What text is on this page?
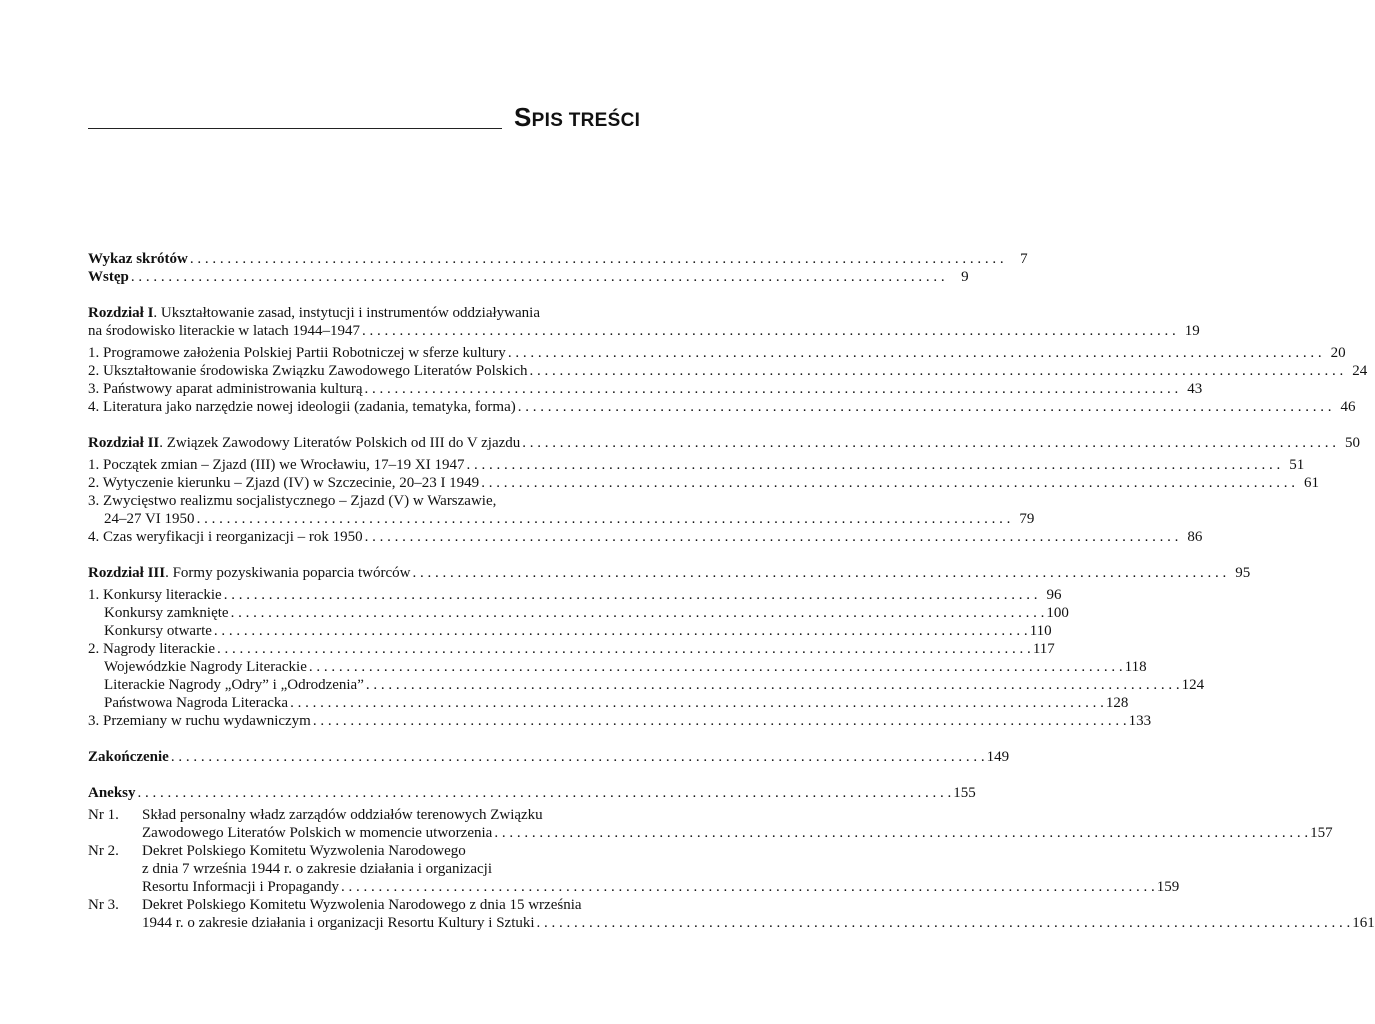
SPIS TREŚCI
Wykaz skrótów . . .	7
Wstęp . . .	9
Rozdział I. Ukształtowanie zasad, instytucji i instrumentów oddziaływania
na środowisko literackie w latach 1944–1947 . . .	19
1. Programowe założenia Polskiej Partii Robotniczej w sferze kultury . . .	20
2. Ukształtowanie środowiska Związku Zawodowego Literatów Polskich . . .	24
3. Państwowy aparat administrowania kulturą . . .	43
4. Literatura jako narzędzie nowej ideologii (zadania, tematyka, forma) . . .	46
Rozdział II. Związek Zawodowy Literatów Polskich od III do V zjazdu . . .	50
1. Początek zmian – Zjazd (III) we Wrocławiu, 17–19 XI 1947 . . .	51
2. Wytyczenie kierunku – Zjazd (IV) w Szczecinie, 20–23 I 1949 . . .	61
3. Zwycięstwo realizmu socjalistycznego – Zjazd (V) w Warszawie,
24–27 VI 1950 . . .	79
4. Czas weryfikacji i reorganizacji – rok 1950 . . .	86
Rozdział III. Formy pozyskiwania poparcia twórców . . .	95
1. Konkursy literackie . . .	96
Konkursy zamknięte . . .	100
Konkursy otwarte . . .	110
2. Nagrody literackie . . .	117
Wojewódzkie Nagrody Literackie . . .	118
Literackie Nagrody „Odry” i „Odrodzenia” . . .	124
Państwowa Nagroda Literacka . . .	128
3. Przemiany w ruchu wydawniczym . . .	133
Zakończenie . . .	149
Aneksy . . .	155
Nr 1.	Skład personalny władz zarządów oddziałów terenowych Związku
Zawodowego Literatów Polskich w momencie utworzenia . . .	157
Nr 2.	Dekret Polskiego Komitetu Wyzwolenia Narodowego
z dnia 7 września 1944 r. o zakresie działania i organizacji
Resortu Informacji i Propagandy . . .	159
Nr 3.	Dekret Polskiego Komitetu Wyzwolenia Narodowego z dnia 15 września
1944 r. o zakresie działania i organizacji Resortu Kultury i Sztuki . . .	161
